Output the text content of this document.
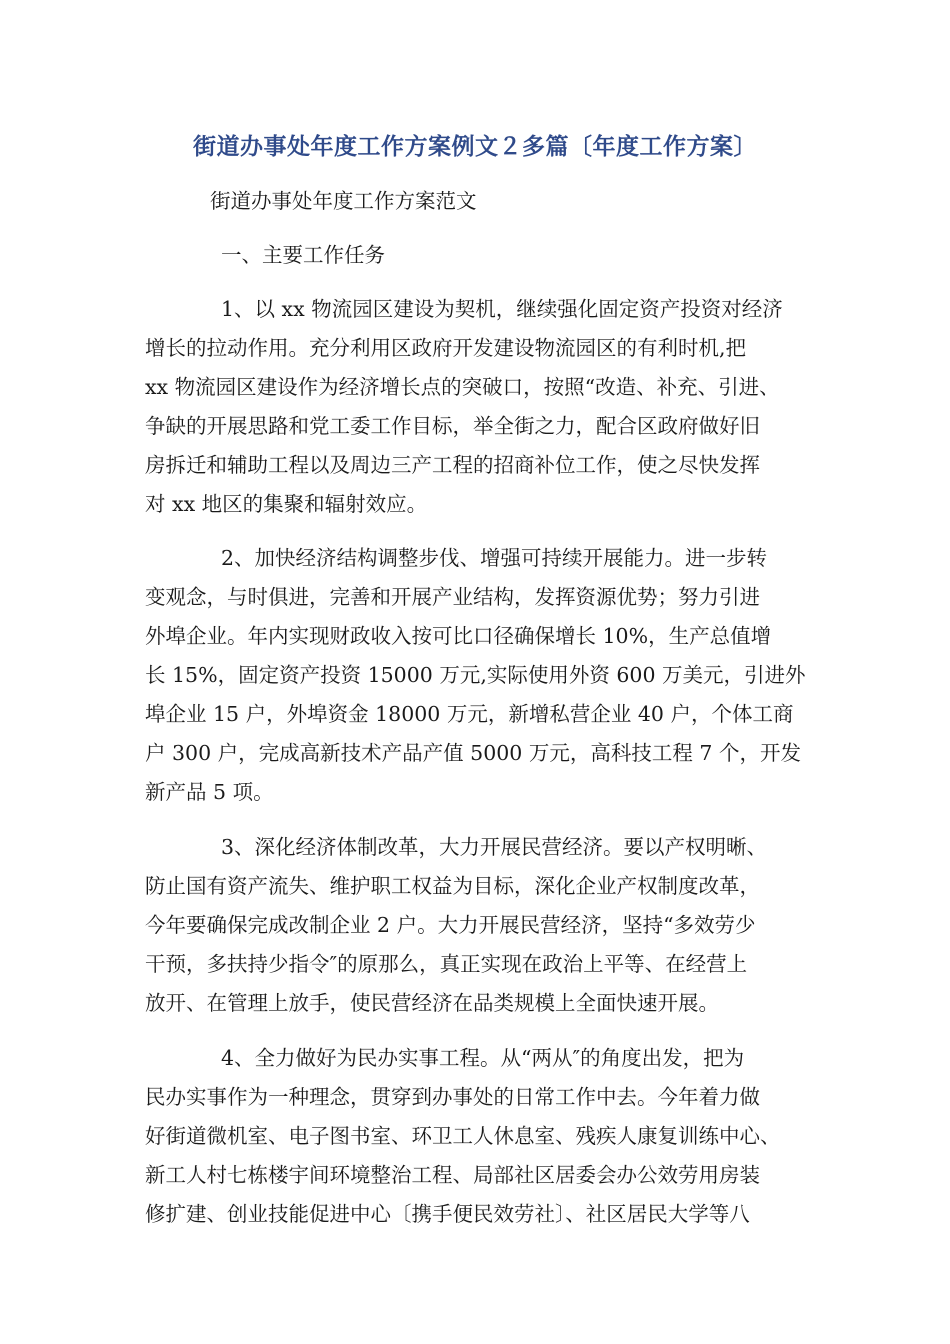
街道办事处年度工作方案例文２多篇〔年度工作方案〕
街道办事处年度工作方案范文
一、主要工作任务
1、以 xx 物流园区建设为契机，继续强化固定资产投资对经济
增长的拉动作用。充分利用区政府开发建设物流园区的有利时机,把
xx 物流园区建设作为经济增长点的突破口，按照“改造、补充、引进、
争缺的开展思路和党工委工作目标，举全街之力，配合区政府做好旧
房拆迁和辅助工程以及周边三产工程的招商补位工作，使之尽快发挥
对 xx 地区的集聚和辐射效应。
2、加快经济结构调整步伐、增强可持续开展能力。进一步转
变观念，与时俱进，完善和开展产业结构，发挥资源优势；努力引进
外埠企业。年内实现财政收入按可比口径确保增长 10%，生产总值增
长 15%，固定资产投资 15000 万元,实际使用外资 600 万美元，引进外
埠企业 15 户，外埠资金 18000 万元，新增私营企业 40 户，个体工商
户 300 户，完成高新技术产品产值 5000 万元，高科技工程 7 个，开发
新产品 5 项。
3、深化经济体制改革，大力开展民营经济。要以产权明晰、
防止国有资产流失、维护职工权益为目标，深化企业产权制度改革，
今年要确保完成改制企业 2 户。大力开展民营经济，坚持“多效劳少
干预，多扶持少指令″的原那么，真正实现在政治上平等、在经营上
放开、在管理上放手，使民营经济在品类规模上全面快速开展。
4、全力做好为民办实事工程。从“两从″的角度出发，把为
民办实事作为一种理念，贯穿到办事处的日常工作中去。今年着力做
好街道微机室、电子图书室、环卫工人休息室、残疾人康复训练中心、
新工人村七栋楼宇间环境整治工程、局部社区居委会办公效劳用房装
修扩建、创业技能促进中心〔携手便民效劳社〕、社区居民大学等八
